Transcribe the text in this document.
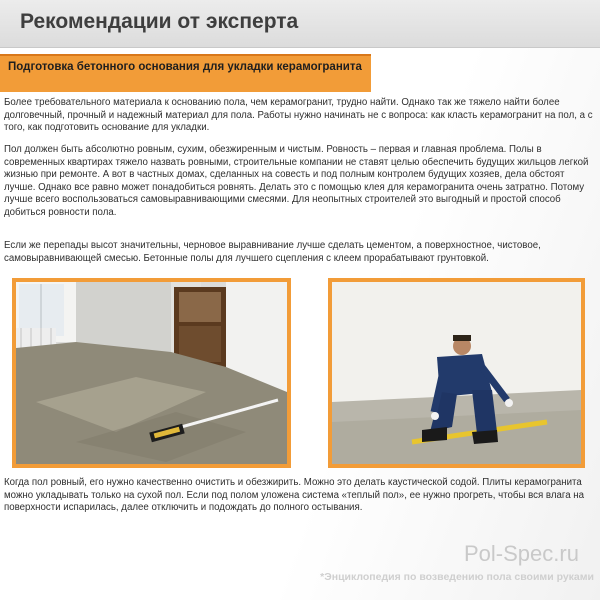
Рекомендации от эксперта
Подготовка бетонного основания для укладки керамогранита
Более требовательного материала к основанию пола, чем керамогранит, трудно найти. Однако так же тяжело найти более долговечный, прочный и надежный материал для пола. Работы нужно начинать не с вопроса: как класть керамогранит на пол, а с того, как подготовить основание для укладки.
Пол должен быть абсолютно ровным, сухим, обезжиренным и чистым. Ровность – первая и главная проблема. Полы в современных квартирах тяжело назвать ровными, строительные компании не ставят целью обеспечить будущих жильцов легкой жизнью при ремонте. А вот в частных домах, сделанных на совесть и под полным контролем будущих хозяев, дела обстоят лучше. Однако все равно может понадобиться ровнять. Делать это с помощью клея для керамогранита очень затратно. Потому лучше всего воспользоваться самовыравнивающими смесями. Для неопытных строителей это выгодный и простой способ добиться ровности пола.
Если же перепады высот значительны, черновое выравнивание лучше сделать цементом, а поверхностное, чистовое, самовыравнивающей смесью. Бетонные полы для лучшего сцепления с клеем прорабатывают грунтовкой.
Когда пол ровный, его нужно качественно очистить и обезжирить. Можно это делать каустической содой. Плиты керамогранита можно укладывать только на сухой пол. Если под полом уложена система «теплый пол», ее нужно прогреть, чтобы вся влага на поверхности испарилась, далее отключить и подождать до полного остывания.
Pol-Spec.ru
*Энциклопедия по возведению пола своими руками
